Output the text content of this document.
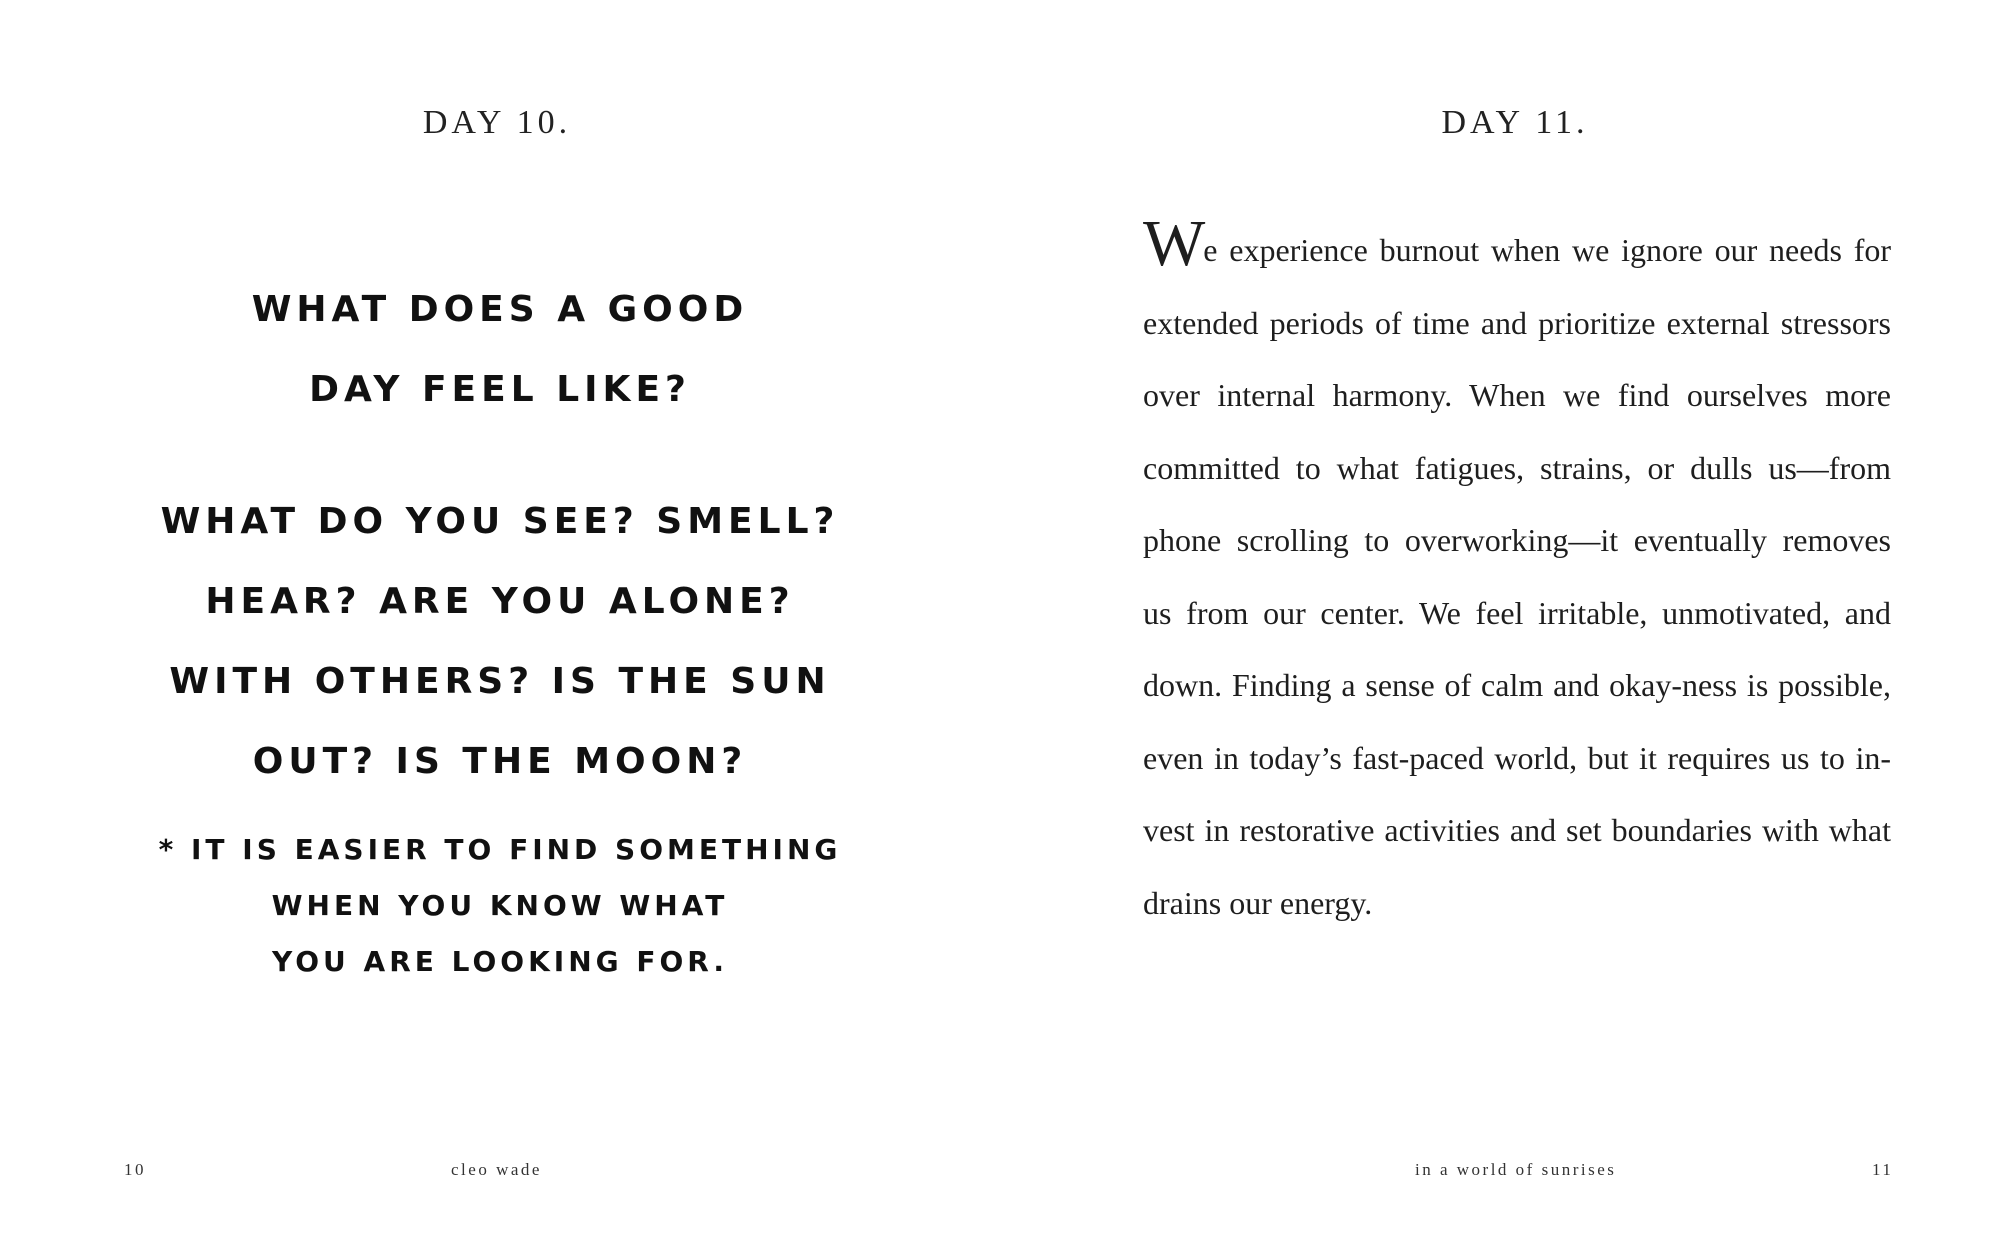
DAY 10.
WHAT DOES A GOOD
DAY FEEL LIKE?
WHAT DO YOU SEE? SMELL?
HEAR? ARE YOU ALONE?
WITH OTHERS? IS THE SUN
OUT? IS THE MOON?
* IT IS EASIER TO FIND SOMETHING
WHEN YOU KNOW WHAT
YOU ARE LOOKING FOR.

10	cleo wade

DAY 11.
We experience burnout when we ignore our needs for
extended periods of time and prioritize external stressors
over internal harmony. When we find ourselves more
committed to what fatigues, strains, or dulls us—from
phone scrolling to overworking—it eventually removes
us from our center. We feel irritable, unmotivated, and
down. Finding a sense of calm and okay-ness is possible,
even in today’s fast-paced world, but it requires us to in-
vest in restorative activities and set boundaries with what
drains our energy.

in a world of sunrises	11
